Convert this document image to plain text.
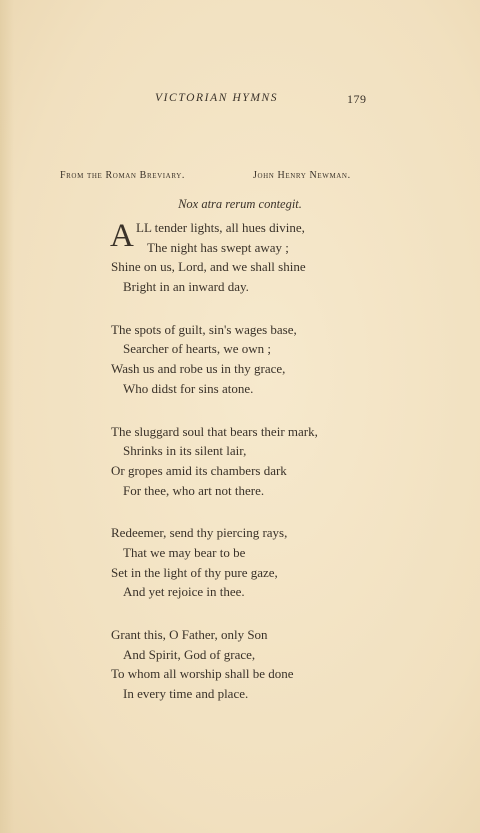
VICTORIAN HYMNS	179
From the Roman Breviary.	John Henry Newman.
Nox atra rerum contegit.
A LL tender lights, all hues divine,
The night has swept away ;
Shine on us, Lord, and we shall shine
Bright in an inward day.
The spots of guilt, sin's wages base,
Searcher of hearts, we own ;
Wash us and robe us in thy grace,
Who didst for sins atone.
The sluggard soul that bears their mark,
Shrinks in its silent lair,
Or gropes amid its chambers dark
For thee, who art not there.
Redeemer, send thy piercing rays,
That we may bear to be
Set in the light of thy pure gaze,
And yet rejoice in thee.
Grant this, O Father, only Son
And Spirit, God of grace,
To whom all worship shall be done
In every time and place.
